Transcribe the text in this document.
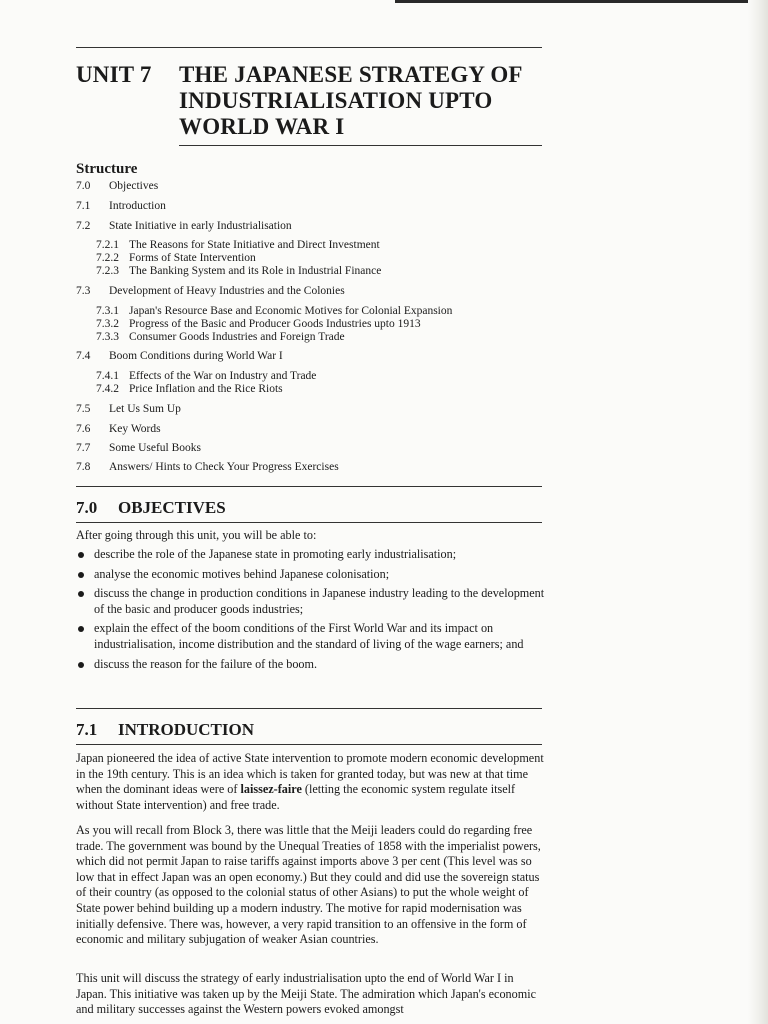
UNIT 7 THE JAPANESE STRATEGY OF
INDUSTRIALISATION UPTO
WORLD WAR I
Structure
7.0 Objectives
7.1 Introduction
7.2 State Initiative in early Industrialisation
7.2.1 The Reasons for State Initiative and Direct Investment
7.2.2 Forms of State Intervention
7.2.3 The Banking System and its Role in Industrial Finance
7.3 Development of Heavy Industries and the Colonies
7.3.1 Japan's Resource Base and Economic Motives for Colonial Expansion
7.3.2 Progress of the Basic and Producer Goods Industries upto 1913
7.3.3 Consumer Goods Industries and Foreign Trade
7.4 Boom Conditions during World War I
7.4.1 Effects of the War on Industry and Trade
7.4.2 Price Inflation and the Rice Riots
7.5 Let Us Sum Up
7.6 Key Words
7.7 Some Useful Books
7.8 Answers/ Hints to Check Your Progress Exercises
7.0 OBJECTIVES
After going through this unit, you will be able to:
describe the role of the Japanese state in promoting early industrialisation;
analyse the economic motives behind Japanese colonisation;
discuss the change in production conditions in Japanese industry leading to the development of the basic and producer goods industries;
explain the effect of the boom conditions of the First World War and its impact on industrialisation, income distribution and the standard of living of the wage earners; and
discuss the reason for the failure of the boom.
7.1 INTRODUCTION
Japan pioneered the idea of active State intervention to promote modern economic development in the 19th century. This is an idea which is taken for granted today, but was new at that time when the dominant ideas were of laissez-faire (letting the economic system regulate itself without State intervention) and free trade.
As you will recall from Block 3, there was little that the Meiji leaders could do regarding free trade. The government was bound by the Unequal Treaties of 1858 with the imperialist powers, which did not permit Japan to raise tariffs against imports above 3 per cent (This level was so low that in effect Japan was an open economy.) But they could and did use the sovereign status of their country (as opposed to the colonial status of other Asians) to put the whole weight of State power behind building up a modern industry. The motive for rapid modernisation was initially defensive. There was, however, a very rapid transition to an offensive in the form of economic and military subjugation of weaker Asian countries.
This unit will discuss the strategy of early industrialisation upto the end of World War I in Japan. This initiative was taken up by the Meiji State. The admiration which Japan's economic and military successes against the Western powers evoked amongst
